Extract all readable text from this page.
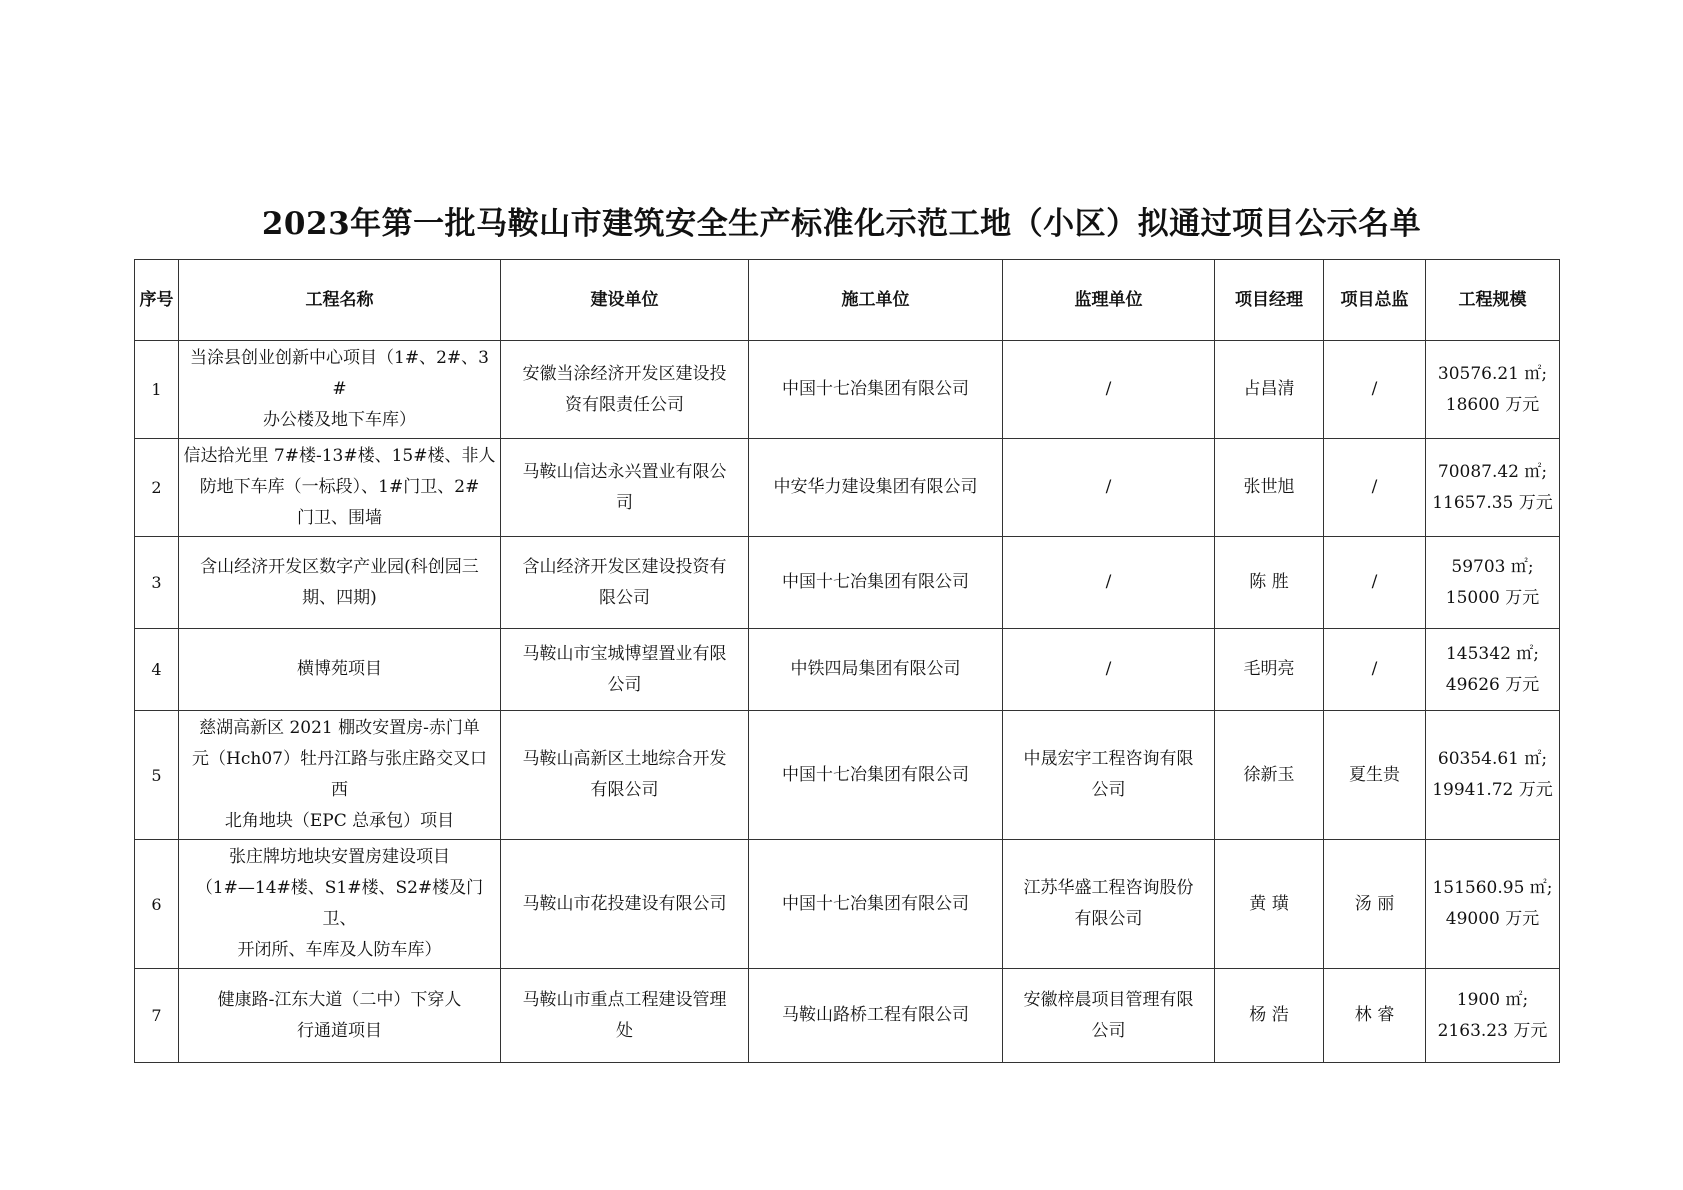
2023年第一批马鞍山市建筑安全生产标准化示范工地（小区）拟通过项目公示名单
序号	工程名称	建设单位	施工单位	监理单位	项目经理	项目总监	工程规模
1	当涂县创业创新中心项目（1#、2#、3#
办公楼及地下车库）	安徽当涂经济开发区建设投
资有限责任公司	中国十七冶集团有限公司	/	占昌清	/	30576.21 ㎡;
18600 万元

2	信达拾光里 7#楼-13#楼、15#楼、非人
防地下车库（一标段）、1#门卫、2#
门卫、围墙	马鞍山信达永兴置业有限公
司	中安华力建设集团有限公司	/	张世旭	/	70087.42 ㎡;
11657.35 万元

3	含山经济开发区数字产业园(科创园三
期、四期)	含山经济开发区建设投资有
限公司	中国十七冶集团有限公司	/	陈 胜	/	59703 ㎡;
15000 万元

4	横博苑项目	马鞍山市宝城博望置业有限
公司	中铁四局集团有限公司	/	毛明亮	/	145342 ㎡;
49626 万元

5	慈湖高新区 2021 棚改安置房-赤门单
元（Hch07）牡丹江路与张庄路交叉口
西
北角地块（EPC 总承包）项目	马鞍山高新区土地综合开发
有限公司	中国十七冶集团有限公司	中晟宏宇工程咨询有限
公司	徐新玉	夏生贵	60354.61 ㎡;
19941.72 万元

6	张庄牌坊地块安置房建设项目
（1#—14#楼、S1#楼、S2#楼及门卫、
开闭所、车库及人防车库）	马鞍山市花投建设有限公司	中国十七冶集团有限公司	江苏华盛工程咨询股份
有限公司	黄 璜	汤 丽	151560.95 ㎡;
49000 万元

7	健康路-江东大道（二中）下穿人
行通道项目	马鞍山市重点工程建设管理
处	马鞍山路桥工程有限公司	安徽梓晨项目管理有限
公司	杨 浩	林 睿	1900 ㎡;
2163.23 万元
